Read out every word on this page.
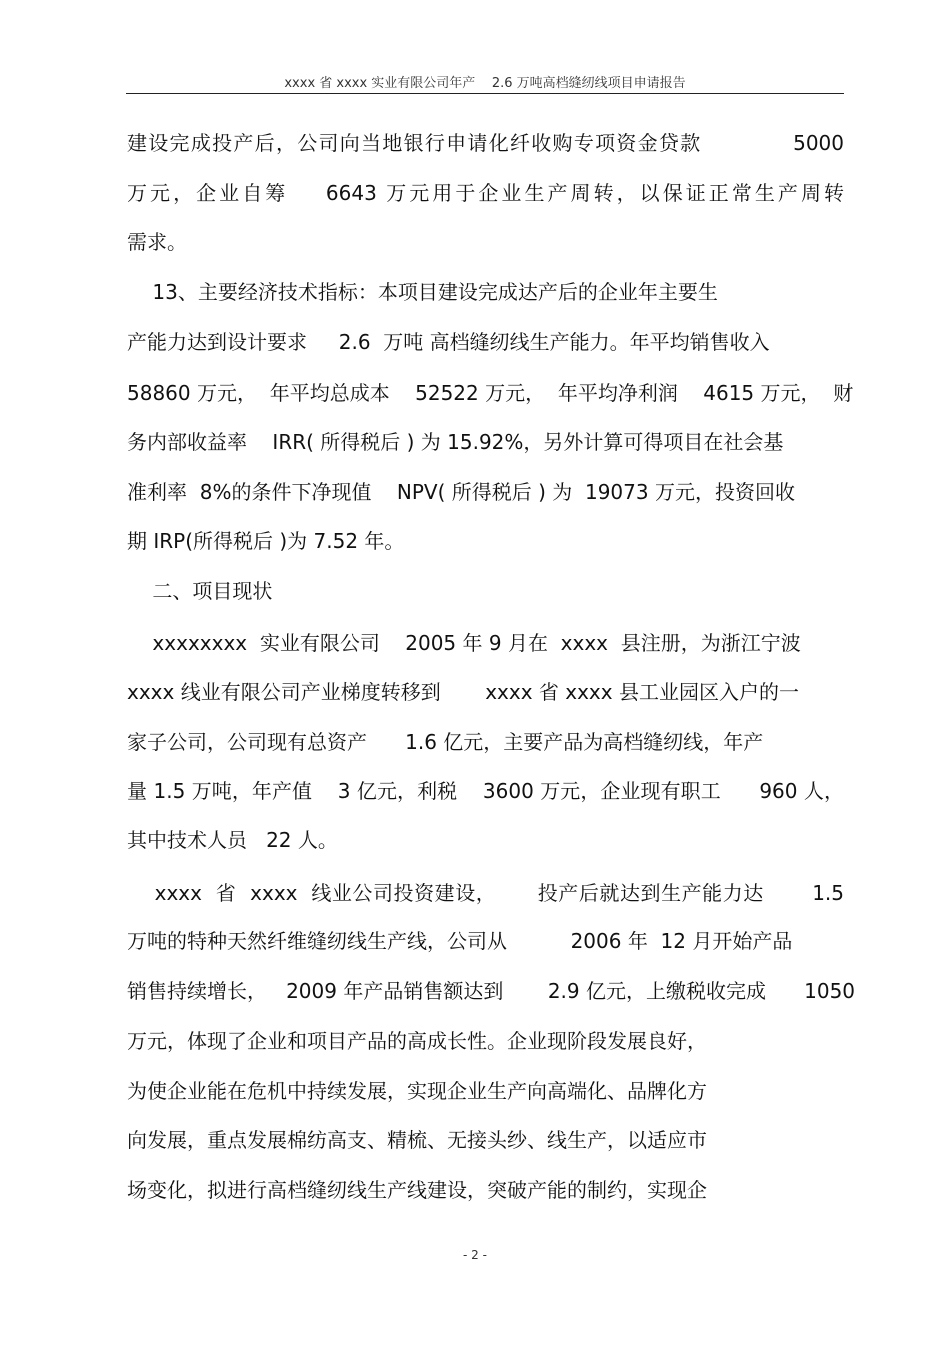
xxxx 省 xxxx 实业有限公司年产    2.6 万吨高档缝纫线项目申请报告
建设完成投产后，公司向当地银行申请化纤收购专项资金贷款            5000
万元，企业自筹    6643 万元用于企业生产周转，以保证正常生产周转
需求。
13、主要经济技术指标：本项目建设完成达产后的企业年主要生
产能力达到设计要求     2.6  万吨 高档缝纫线生产能力。年平均销售收入
58860 万元，  年平均总成本    52522 万元，  年平均净利润    4615 万元，  财
务内部收益率    IRR( 所得税后 ) 为 15.92%，另外计算可得项目在社会基
准利率  8%的条件下净现值    NPV( 所得税后 ) 为  19073 万元，投资回收
期 IRP(所得税后 )为 7.52 年。
二、项目现状
xxxxxxxx  实业有限公司    2005 年 9 月在  xxxx  县注册，为浙江宁波
xxxx 线业有限公司产业梯度转移到       xxxx 省 xxxx 县工业园区入户的一
家子公司，公司现有总资产      1.6 亿元，主要产品为高档缝纫线，年产
量 1.5 万吨，年产值    3 亿元，利税    3600 万元，企业现有职工      960 人，
其中技术人员   22 人。
xxxx  省  xxxx  线业公司投资建设，      投产后就达到生产能力达       1.5
万吨的特种天然纤维缝纫线生产线，公司从          2006 年  12 月开始产品
销售持续增长，   2009 年产品销售额达到       2.9 亿元，上缴税收完成      1050
万元，体现了企业和项目产品的高成长性。企业现阶段发展良好，
为使企业能在危机中持续发展，实现企业生产向高端化、品牌化方
向发展，重点发展棉纺高支、精梳、无接头纱、线生产，以适应市
场变化，拟进行高档缝纫线生产线建设，突破产能的制约，实现企
- 2 -
